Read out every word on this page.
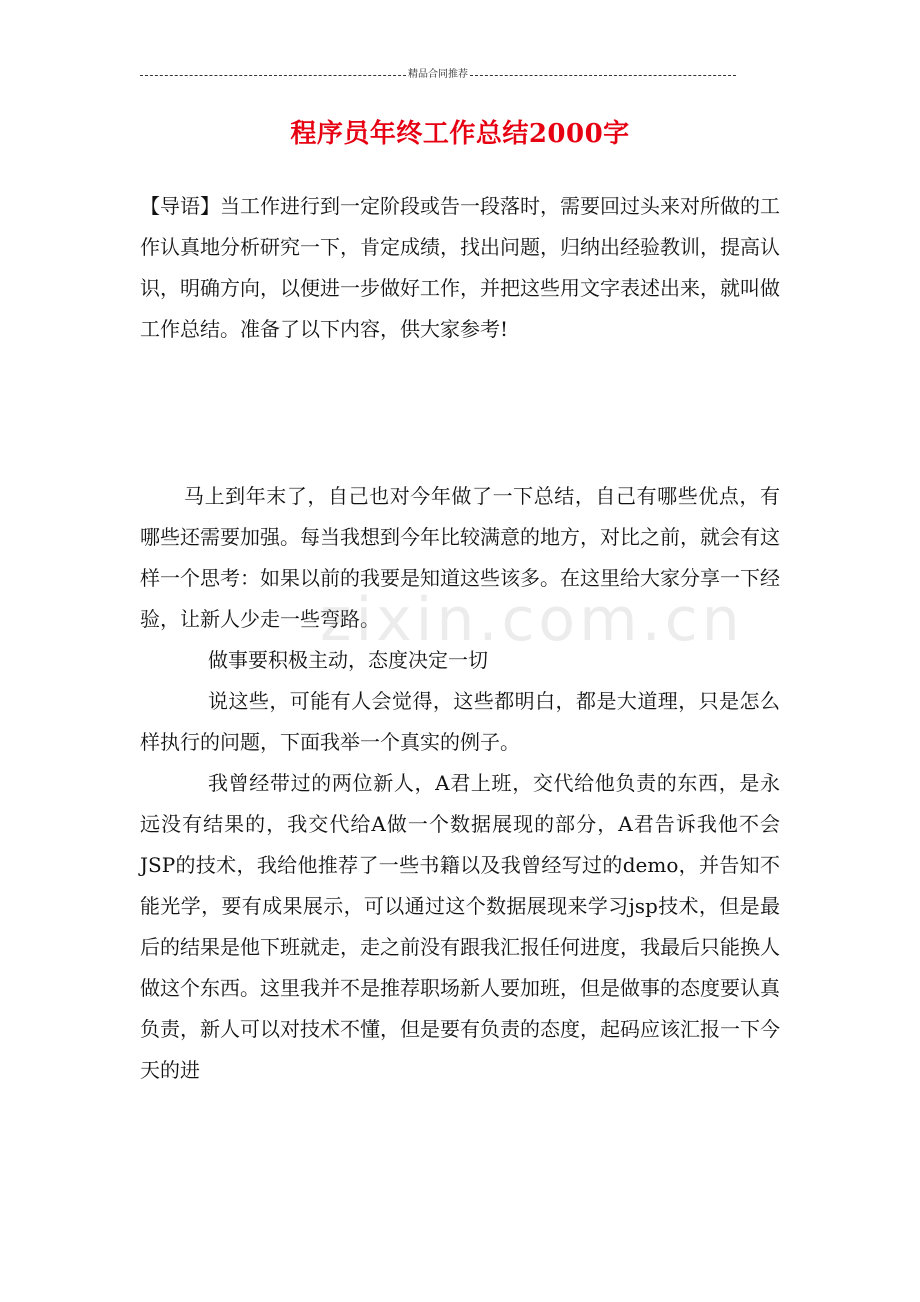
精品合同推荐
程序员年终工作总结2000字

【导语】当工作进行到一定阶段或告一段落时，需要回过头来对所做的工作认真地分析研究一下，肯定成绩，找出问题，归纳出经验教训，提高认识，明确方向，以便进一步做好工作，并把这些用文字表述出来，就叫做工作总结。准备了以下内容，供大家参考!

马上到年末了，自己也对今年做了一下总结，自己有哪些优点，有哪些还需要加强。每当我想到今年比较满意的地方，对比之前，就会有这样一个思考：如果以前的我要是知道这些该多。在这里给大家分享一下经验，让新人少走一些弯路。

做事要积极主动，态度决定一切

说这些，可能有人会觉得，这些都明白，都是大道理，只是怎么样执行的问题，下面我举一个真实的例子。

我曾经带过的两位新人，A君上班，交代给他负责的东西，是永远没有结果的，我交代给A做一个数据展现的部分，A君告诉我他不会JSP的技术，我给他推荐了一些书籍以及我曾经写过的demo，并告知不能光学，要有成果展示，可以通过这个数据展现来学习jsp技术，但是最后的结果是他下班就走，走之前没有跟我汇报任何进度，我最后只能换人做这个东西。这里我并不是推荐职场新人要加班，但是做事的态度要认真负责，新人可以对技术不懂，但是要有负责的态度，起码应该汇报一下今天的进

zixin.com.cn
